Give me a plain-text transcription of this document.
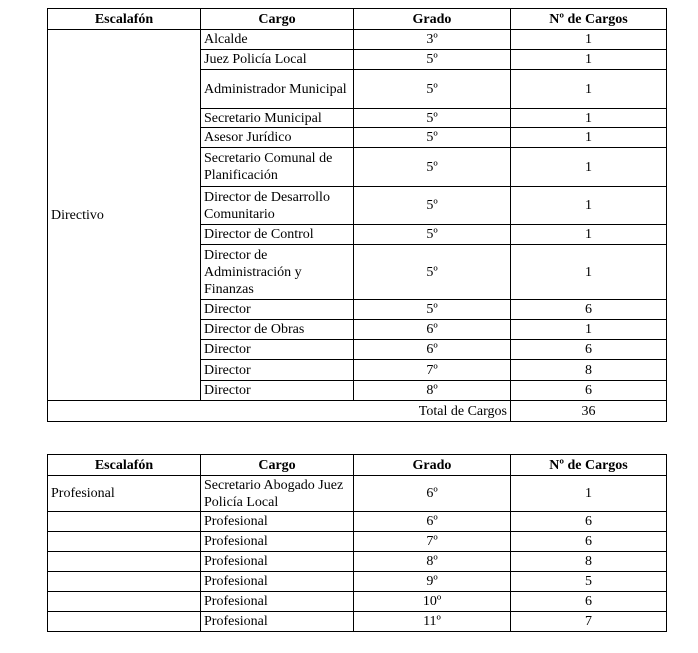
Escalafón	Cargo	Grado	Nº de Cargos
Directivo	Alcalde	3º	1
	Juez Policía Local	5º	1
	Administrador Municipal	5º	1
	Secretario Municipal	5º	1
	Asesor Jurídico	5º	1
	Secretario Comunal de Planificación	5º	1
	Director de Desarrollo Comunitario	5º	1
	Director de Control	5º	1
	Director de Administración y Finanzas	5º	1
	Director	5º	6
	Director de Obras	6º	1
	Director	6º	6
	Director	7º	8
	Director	8º	6
Total de Cargos			36
Escalafón	Cargo	Grado	Nº de Cargos
Profesional	Secretario Abogado Juez Policía Local	6º	1
	Profesional	6º	6
	Profesional	7º	6
	Profesional	8º	8
	Profesional	9º	5
	Profesional	10º	6
	Profesional	11º	7
